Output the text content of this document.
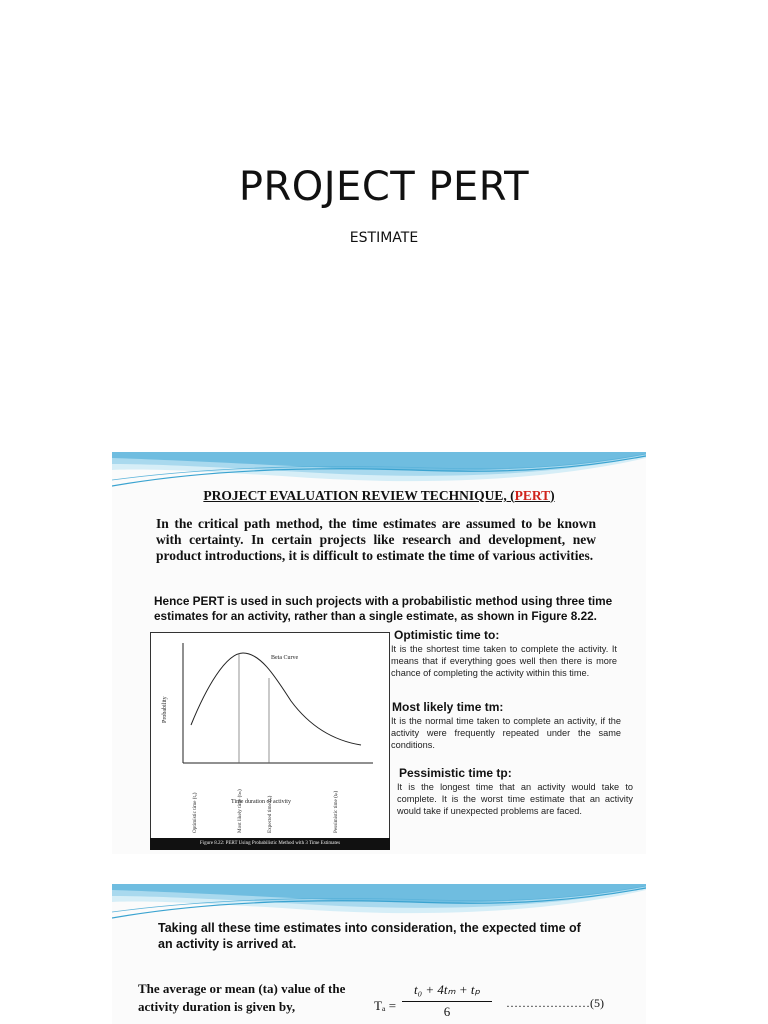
PROJECT PERT
ESTIMATE
PROJECT EVALUATION REVIEW TECHNIQUE, (PERT)
In the critical path method, the time estimates are assumed to be known with certainty. In certain projects like research and development, new product introductions, it is difficult to estimate the time of various activities.
Hence PERT is used in such projects with a probabilistic method using three time estimates for an activity, rather than a single estimate, as shown in Figure 8.22.
Beta Curve
Probability
Optimistic time (t₀)	Most likely time (tₘ)	Expected time (tₑ)	Pessimistic time (tₚ)
Time duration of activity
Figure 8.22: PERT Using Probabilistic Method with 3 Time Estimates
Optimistic time to:
It is the shortest time taken to complete the activity. It means that if everything goes well then there is more chance of completing the activity within this time.
Most likely time tm:
It is the normal time taken to complete an activity, if the activity were frequently repeated under the same conditions.
Pessimistic time tp:
It is the longest time that an activity would take to complete. It is the worst time estimate that an activity would take if unexpected problems are faced.
Taking all these time estimates into consideration, the expected time of an activity is arrived at.
The average or mean (ta) value of the activity duration is given by,	Tₐ =
t₀ + 4tₘ + tₚ
6
…………………(5)
